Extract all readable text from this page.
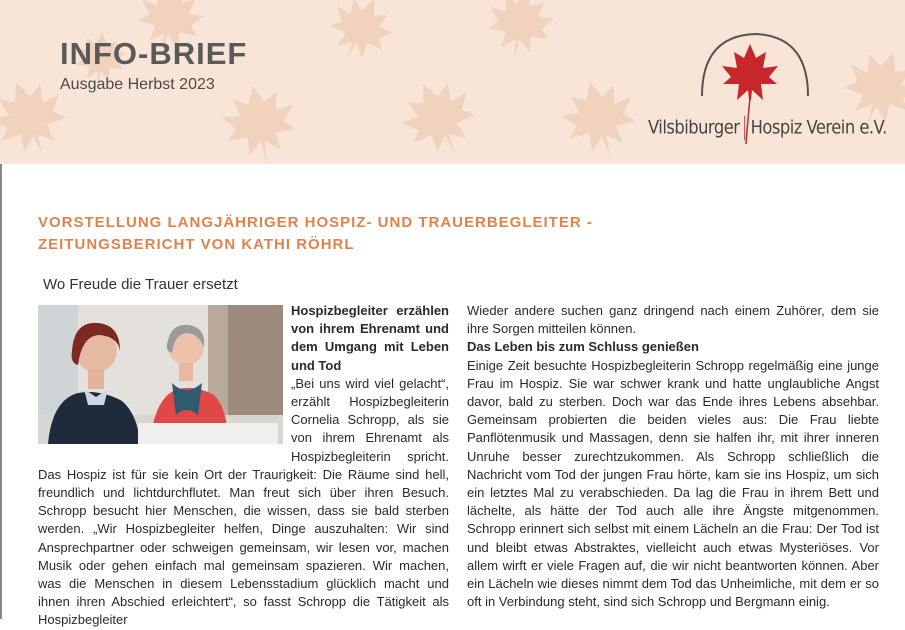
INFO-BRIEF
Ausgabe Herbst 2023
Vilsbiburger Hospiz Verein e.V.
VORSTELLUNG LANGJÄHRIGER HOSPIZ- UND TRAUERBEGLEITER -
ZEITUNGSBERICHT VON KATHI RÖHRL
Wo Freude die Trauer ersetzt

Hospizbegleiter erzählen von ihrem Ehrenamt und dem Umgang mit Leben und Tod

„Bei uns wird viel gelacht“, erzählt Hospizbegleiterin Cornelia Schropp, als sie von ihrem Ehrenamt als Hospizbegleiterin spricht. Das Hospiz ist für sie kein Ort der Traurigkeit: Die Räume sind hell, freundlich und lichtdurchflutet. Man freut sich über ihren Besuch. Schropp besucht hier Menschen, die wissen, dass sie bald sterben werden. „Wir Hospizbegleiter helfen, Dinge auszuhalten: Wir sind Ansprechpartner oder schweigen gemeinsam, wir lesen vor, machen Musik oder gehen einfach mal gemeinsam spazieren. Wir machen, was die Menschen in diesem Lebensstadium glücklich macht und ihnen ihren Abschied erleichtert“, so fasst Schropp die Tätigkeit als Hospizbegleiter

Wieder andere suchen ganz dringend nach einem Zuhörer, dem sie ihre Sorgen mitteilen können.

Das Leben bis zum Schluss genießen

Einige Zeit besuchte Hospizbegleiterin Schropp regelmäßig eine junge Frau im Hospiz. Sie war schwer krank und hatte unglaubliche Angst davor, bald zu sterben. Doch war das Ende ihres Lebens absehbar. Gemeinsam probierten die beiden vieles aus: Die Frau liebte Panflötenmusik und Massagen, denn sie halfen ihr, mit ihrer inneren Unruhe besser zurechtzukommen. Als Schropp schließlich die Nachricht vom Tod der jungen Frau hörte, kam sie ins Hospiz, um sich ein letztes Mal zu verabschieden. Da lag die Frau in ihrem Bett und lächelte, als hätte der Tod auch alle ihre Ängste mitgenommen. Schropp erinnert sich selbst mit einem Lächeln an die Frau: Der Tod ist und bleibt etwas Abstraktes, vielleicht auch etwas Mysteriöses. Vor allem wirft er viele Fragen auf, die wir nicht beantworten können. Aber ein Lächeln wie dieses nimmt dem Tod das Unheimliche, mit dem er so oft in Verbindung steht, sind sich Schropp und Bergmann einig.
